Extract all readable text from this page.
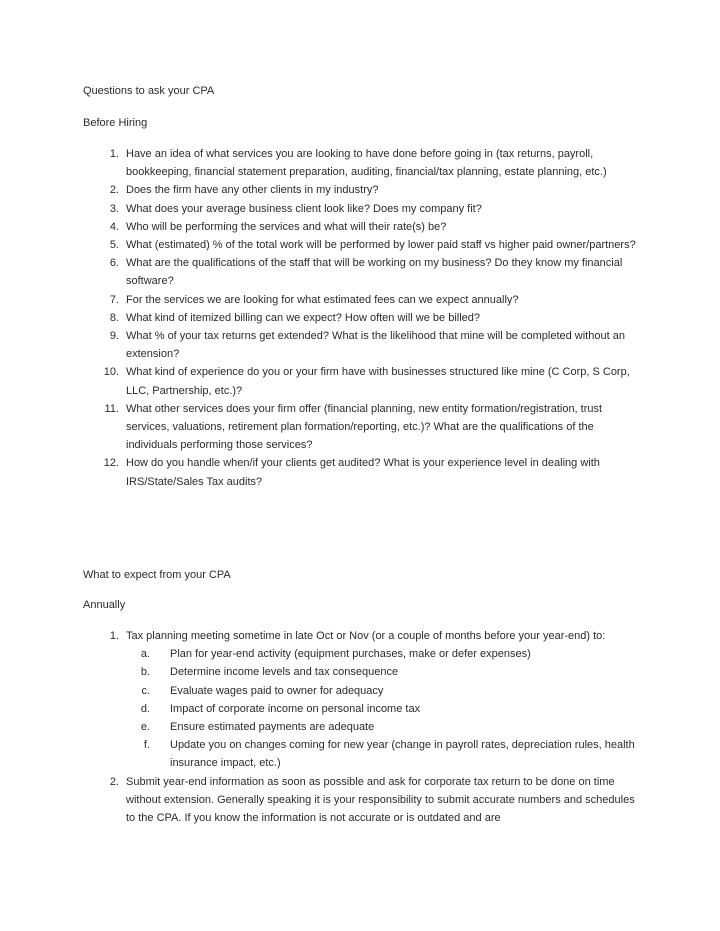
Questions to ask your CPA

Before Hiring

1. Have an idea of what services you are looking to have done before going in (tax returns, payroll, bookkeeping, financial statement preparation, auditing, financial/tax planning, estate planning, etc.)
2. Does the firm have any other clients in my industry?
3. What does your average business client look like? Does my company fit?
4. Who will be performing the services and what will their rate(s) be?
5. What (estimated) % of the total work will be performed by lower paid staff vs higher paid owner/partners?
6. What are the qualifications of the staff that will be working on my business? Do they know my financial software?
7. For the services we are looking for what estimated fees can we expect annually?
8. What kind of itemized billing can we expect? How often will we be billed?
9. What % of your tax returns get extended? What is the likelihood that mine will be completed without an extension?
10. What kind of experience do you or your firm have with businesses structured like mine (C Corp, S Corp, LLC, Partnership, etc.)?
11. What other services does your firm offer (financial planning, new entity formation/registration, trust services, valuations, retirement plan formation/reporting, etc.)? What are the qualifications of the individuals performing those services?
12. How do you handle when/if your clients get audited? What is your experience level in dealing with IRS/State/Sales Tax audits?

What to expect from your CPA

Annually

1. Tax planning meeting sometime in late Oct or Nov (or a couple of months before your year-end) to:
a. Plan for year-end activity (equipment purchases, make or defer expenses)
b. Determine income levels and tax consequence
c. Evaluate wages paid to owner for adequacy
d. Impact of corporate income on personal income tax
e. Ensure estimated payments are adequate
f. Update you on changes coming for new year (change in payroll rates, depreciation rules, health insurance impact, etc.)
2. Submit year-end information as soon as possible and ask for corporate tax return to be done on time without extension. Generally speaking it is your responsibility to submit accurate numbers and schedules to the CPA. If you know the information is not accurate or is outdated and are
